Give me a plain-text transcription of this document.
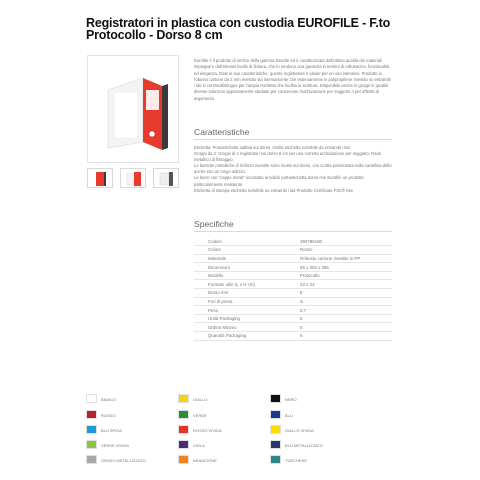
Registratori in plastica con custodia EUROFILE - F.to
Protocollo - Dorso 8 cm
Eurofile è il prodotto di vertice della gamma Esselte ed è caratterizzato dall'ottima qualità dei materiali impiegati e dall'elevato livello di finitura, che lo rendono una garanzia in termini di robustezza, funzionalità ed eleganza. Date le sue caratteristiche, questo registratore è ideale per un uso intensivo. Prodotto in robusto cartone da 2 mm rivestito sia internamente che esternamente in polipropilene rivestito su entrambi i lati si contraddistingue per l'ampia etichetta che facilita la scrittura. Disponibile anche in gruppi in qualità diverse soluzioni appositamente studiate per conservare l'archiviazione per soggetto o per affinità di argomento.
Caratteristiche

Etichetta: Portaetichetta sabbia sul dorso, rivolta etichetta scrivibile da entrambi i lati

Gruppi da 4: Gruppi di 4 registratori sul dorso 8 cm per una corretta archiviazione per soggetto. Rado metallico di fissaggio.

Le barrette metalliche di rinforzo rivestite sono rivolte sul dorso, con scritta posizionata sulla cartellina dello anche loro un lungo utilizzo.

Le barre con "cappe metal" accostato al solido portaetichetta dorso che Eurofile un prodotto particolarmente resistente

Etichetta di stampa etichetta scrivibile su entrambi i lati Prodotto Certificato FSC® Mix

Specifiche
Codice	390785160
Colore	Rosso
Materiale	Robusto cartone rivestito in PP
Dimensioni	85 x 303 x 285
Modello	Protocollo
Formato utile (L x H cm)	23 x 33
Dorso mm	8
Fori di presa	si
Peso	0,7
Unità Packaging	5
Ordine Minimo	5
Quantità Packaging	5
BIANCO
ROSSO
BLU SPIDA
VERDE VIVIDA
GRIGIO METALLIZZATO
GIALLO
VERDE
ROSSO VIVIDA
VIOLA
ARANCIONE
NERO
BLU
GIALLO VIVIDA
BLU METALLIZZATO
TURCHESE
